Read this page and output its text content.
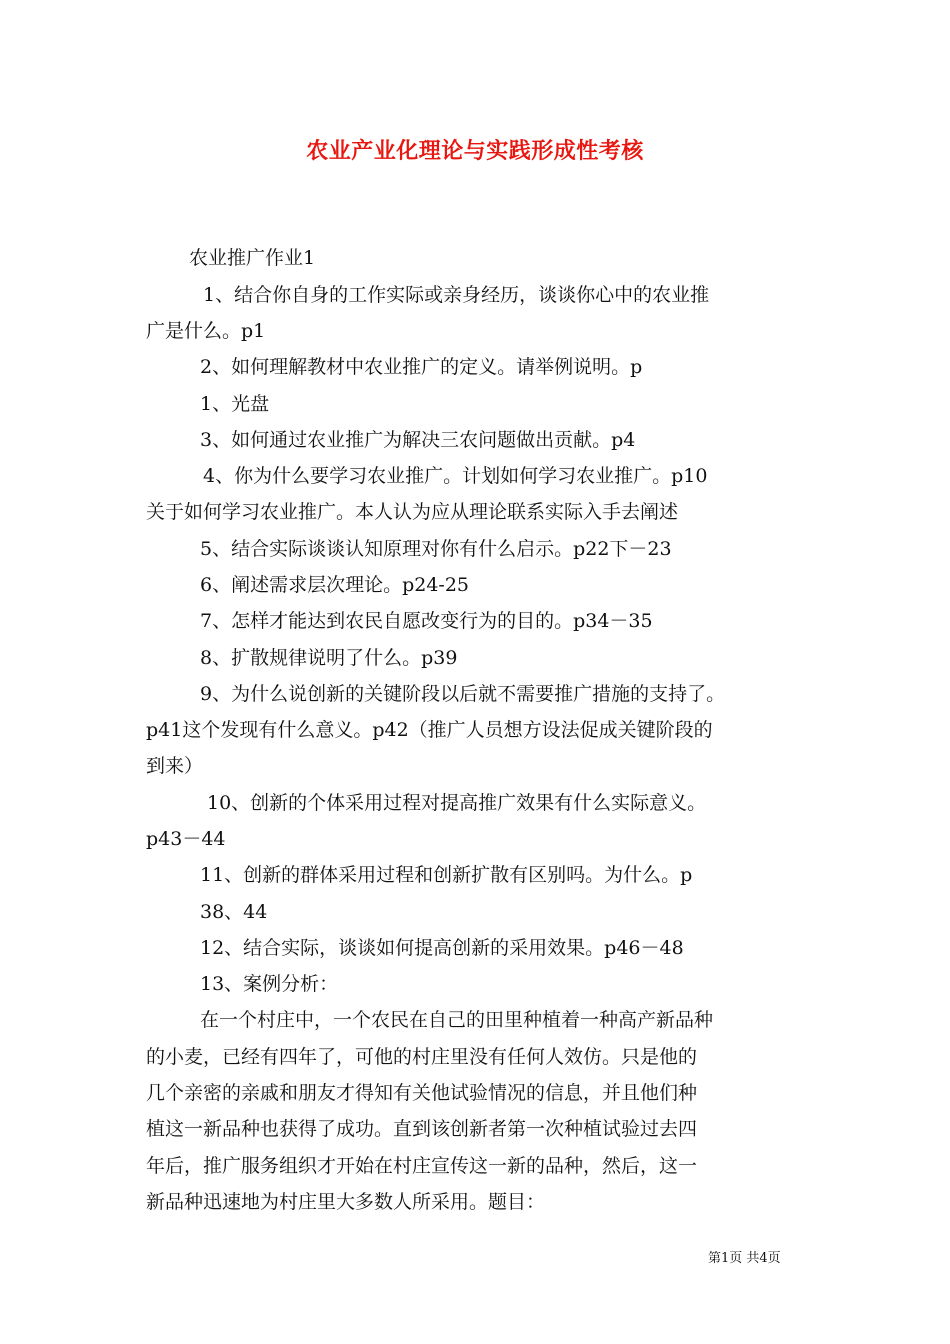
农业产业化理论与实践形成性考核
农业推广作业1
1、结合你自身的工作实际或亲身经历，谈谈你心中的农业推
广是什么。p1
2、如何理解教材中农业推广的定义。请举例说明。p
1、光盘
3、如何通过农业推广为解决三农问题做出贡献。p4
4、你为什么要学习农业推广。计划如何学习农业推广。p10
关于如何学习农业推广。本人认为应从理论联系实际入手去阐述
5、结合实际谈谈认知原理对你有什么启示。p22下－23
6、阐述需求层次理论。p24-25
7、怎样才能达到农民自愿改变行为的目的。p34－35
8、扩散规律说明了什么。p39
9、为什么说创新的关键阶段以后就不需要推广措施的支持了。
p41这个发现有什么意义。p42（推广人员想方设法促成关键阶段的
到来）
10、创新的个体采用过程对提高推广效果有什么实际意义。
p43－44
11、创新的群体采用过程和创新扩散有区别吗。为什么。p
38、44
12、结合实际，谈谈如何提高创新的采用效果。p46－48
13、案例分析：
在一个村庄中，一个农民在自己的田里种植着一种高产新品种
的小麦，已经有四年了，可他的村庄里没有任何人效仿。只是他的
几个亲密的亲戚和朋友才得知有关他试验情况的信息，并且他们种
植这一新品种也获得了成功。直到该创新者第一次种植试验过去四
年后，推广服务组织才开始在村庄宣传这一新的品种，然后，这一
新品种迅速地为村庄里大多数人所采用。题目：
第1页 共4页
